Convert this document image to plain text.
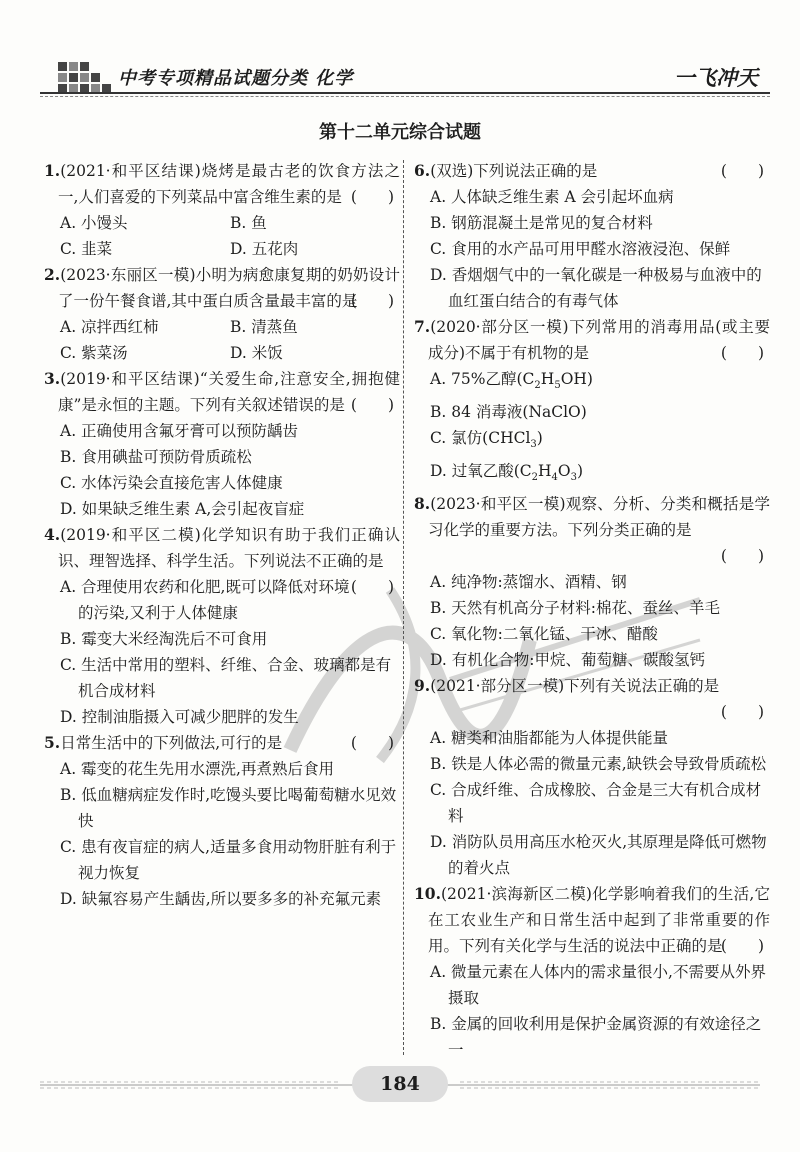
中考专项精品试题分类 化学	一飞冲天
第十二单元综合试题
1.(2021·和平区结课)烧烤是最古老的饮食方法之一,人们喜爱的下列菜品中富含维生素的是 (　　)
A. 小馒头	B. 鱼
C. 韭菜	D. 五花肉
2.(2023·东丽区一模)小明为病愈康复期的奶奶设计了一份午餐食谱,其中蛋白质含量最丰富的是
(　　)
A. 凉拌西红柿	B. 清蒸鱼
C. 紫菜汤	D. 米饭
3.(2019·和平区结课)“关爱生命,注意安全,拥抱健康”是永恒的主题。下列有关叙述错误的是 (　　)
A. 正确使用含氟牙膏可以预防龋齿
B. 食用碘盐可预防骨质疏松
C. 水体污染会直接危害人体健康
D. 如果缺乏维生素 A,会引起夜盲症
4.(2019·和平区二模)化学知识有助于我们正确认识、理智选择、科学生活。下列说法不正确的是
(　　)
A. 合理使用农药和化肥,既可以降低对环境的污染,又利于人体健康
B. 霉变大米经淘洗后不可食用
C. 生活中常用的塑料、纤维、合金、玻璃都是有机合成材料
D. 控制油脂摄入可减少肥胖的发生
5.日常生活中的下列做法,可行的是	(　　)
A. 霉变的花生先用水漂洗,再煮熟后食用
B. 低血糖病症发作时,吃馒头要比喝葡萄糖水见效快
C. 患有夜盲症的病人,适量多食用动物肝脏有利于视力恢复
D. 缺氟容易产生龋齿,所以要多多的补充氟元素
6.(双选)下列说法正确的是	(　　)
A. 人体缺乏维生素 A 会引起坏血病
B. 钢筋混凝土是常见的复合材料
C. 食用的水产品可用甲醛水溶液浸泡、保鲜
D. 香烟烟气中的一氧化碳是一种极易与血液中的血红蛋白结合的有毒气体
7.(2020·部分区一模)下列常用的消毒用品(或主要成分)不属于有机物的是	(　　)
A. 75%乙醇$(C_2H_5OH)$
B. 84 消毒液(NaClO)
C. 氯仿(CHCl$_3$)
D. 过氧乙酸$(C_2H_4O_3)$
8.(2023·和平区一模)观察、分析、分类和概括是学习化学的重要方法。下列分类正确的是
(　　)
A. 纯净物:蒸馏水、酒精、钢
B. 天然有机高分子材料:棉花、蚕丝、羊毛
C. 氧化物:二氧化锰、干冰、醋酸
D. 有机化合物:甲烷、葡萄糖、碳酸氢钙
9.(2021·部分区一模)下列有关说法正确的是
(　　)
A. 糖类和油脂都能为人体提供能量
B. 铁是人体必需的微量元素,缺铁会导致骨质疏松
C. 合成纤维、合成橡胶、合金是三大有机合成材料
D. 消防队员用高压水枪灭火,其原理是降低可燃物的着火点
10.(2021·滨海新区二模)化学影响着我们的生活,它在工农业生产和日常生活中起到了非常重要的作用。下列有关化学与生活的说法中正确的是
(　　)
A. 微量元素在人体内的需求量很小,不需要从外界摄取
B. 金属的回收利用是保护金属资源的有效途径之一
184
